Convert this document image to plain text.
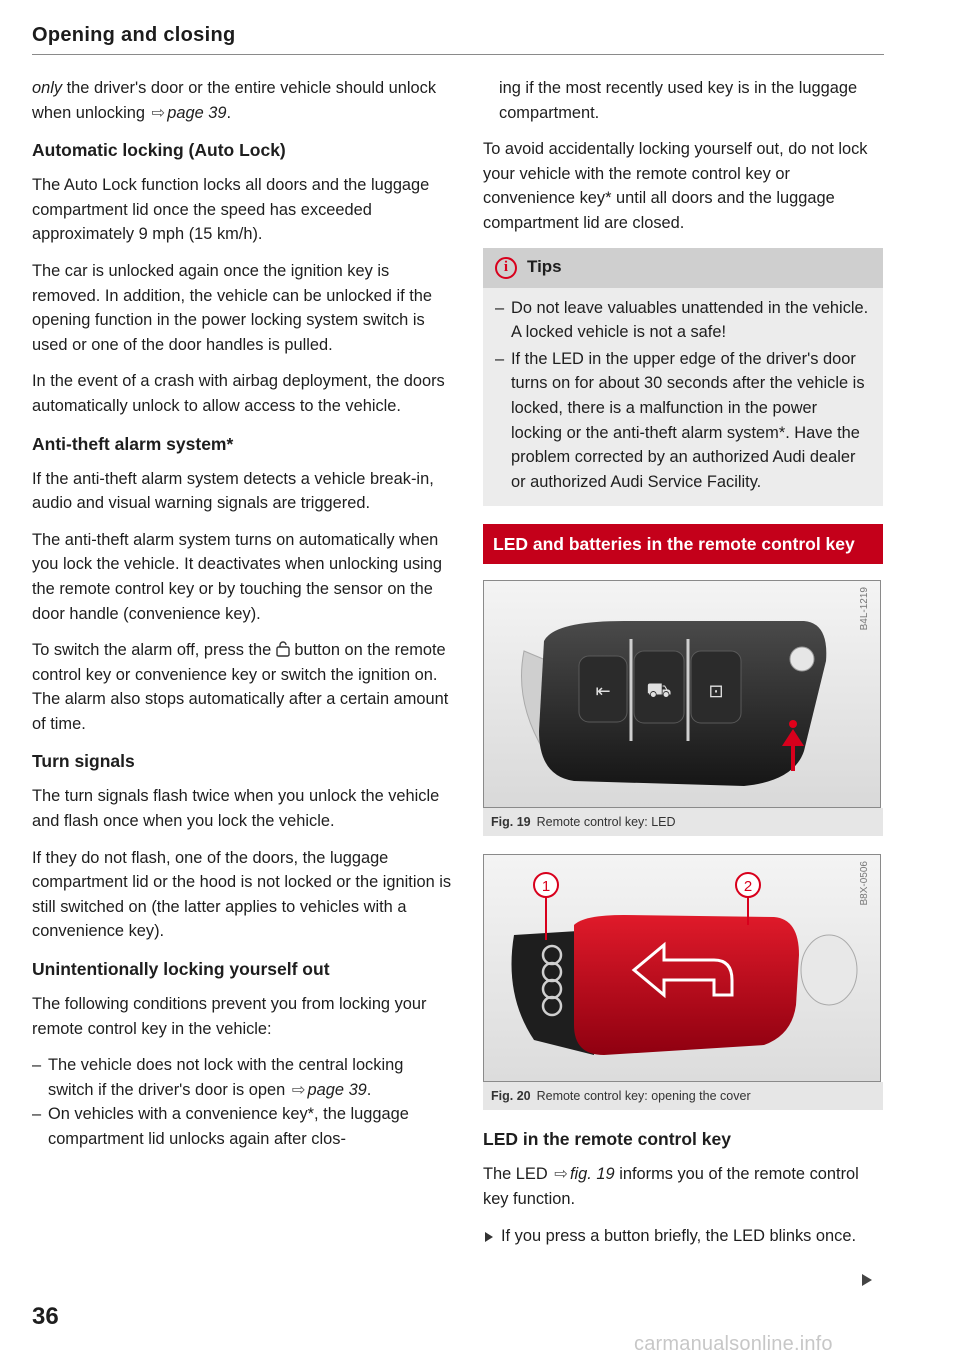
Opening and closing

only the driver's door or the entire vehicle should unlock when unlocking ⇨ page 39.

Automatic locking (Auto Lock)

The Auto Lock function locks all doors and the luggage compartment lid once the speed has exceeded approximately 9 mph (15 km/h).

The car is unlocked again once the ignition key is removed. In addition, the vehicle can be unlocked if the opening function in the power locking system switch is used or one of the door handles is pulled.

In the event of a crash with airbag deployment, the doors automatically unlock to allow access to the vehicle.

Anti-theft alarm system*

If the anti-theft alarm system detects a vehicle break-in, audio and visual warning signals are triggered.

The anti-theft alarm system turns on automatically when you lock the vehicle. It deactivates when unlocking using the remote control key or by touching the sensor on the door handle (convenience key).

To switch the alarm off, press the  button on the remote control key or convenience key or switch the ignition on. The alarm also stops automatically after a certain amount of time.

Turn signals

The turn signals flash twice when you unlock the vehicle and flash once when you lock the vehicle.

If they do not flash, one of the doors, the luggage compartment lid or the hood is not locked or the ignition is still switched on (the latter applies to vehicles with a convenience key).

Unintentionally locking yourself out

The following conditions prevent you from locking your remote control key in the vehicle:

– The vehicle does not lock with the central locking switch if the driver's door is open ⇨ page 39.
– On vehicles with a convenience key*, the luggage compartment lid unlocks again after clos-

ing if the most recently used key is in the luggage compartment.

To avoid accidentally locking yourself out, do not lock your vehicle with the remote control key or convenience key* until all doors and the luggage compartment lid are closed.

i	Tips
– Do not leave valuables unattended in the vehicle. A locked vehicle is not a safe!
– If the LED in the upper edge of the driver's door turns on for about 30 seconds after the vehicle is locked, there is a malfunction in the power locking or the anti-theft alarm system*. Have the problem corrected by an authorized Audi dealer or authorized Audi Service Facility.
LED and batteries in the remote control key
B4L-1219
⇤ ⛟ ⊡
Fig. 19 Remote control key: LED
B8X-0506
1	2
Fig. 20 Remote control key: opening the cover
LED in the remote control key

The LED ⇨ fig. 19 informs you of the remote control key function.

If you press a button briefly, the LED blinks once.

36
carmanualsonline.info
